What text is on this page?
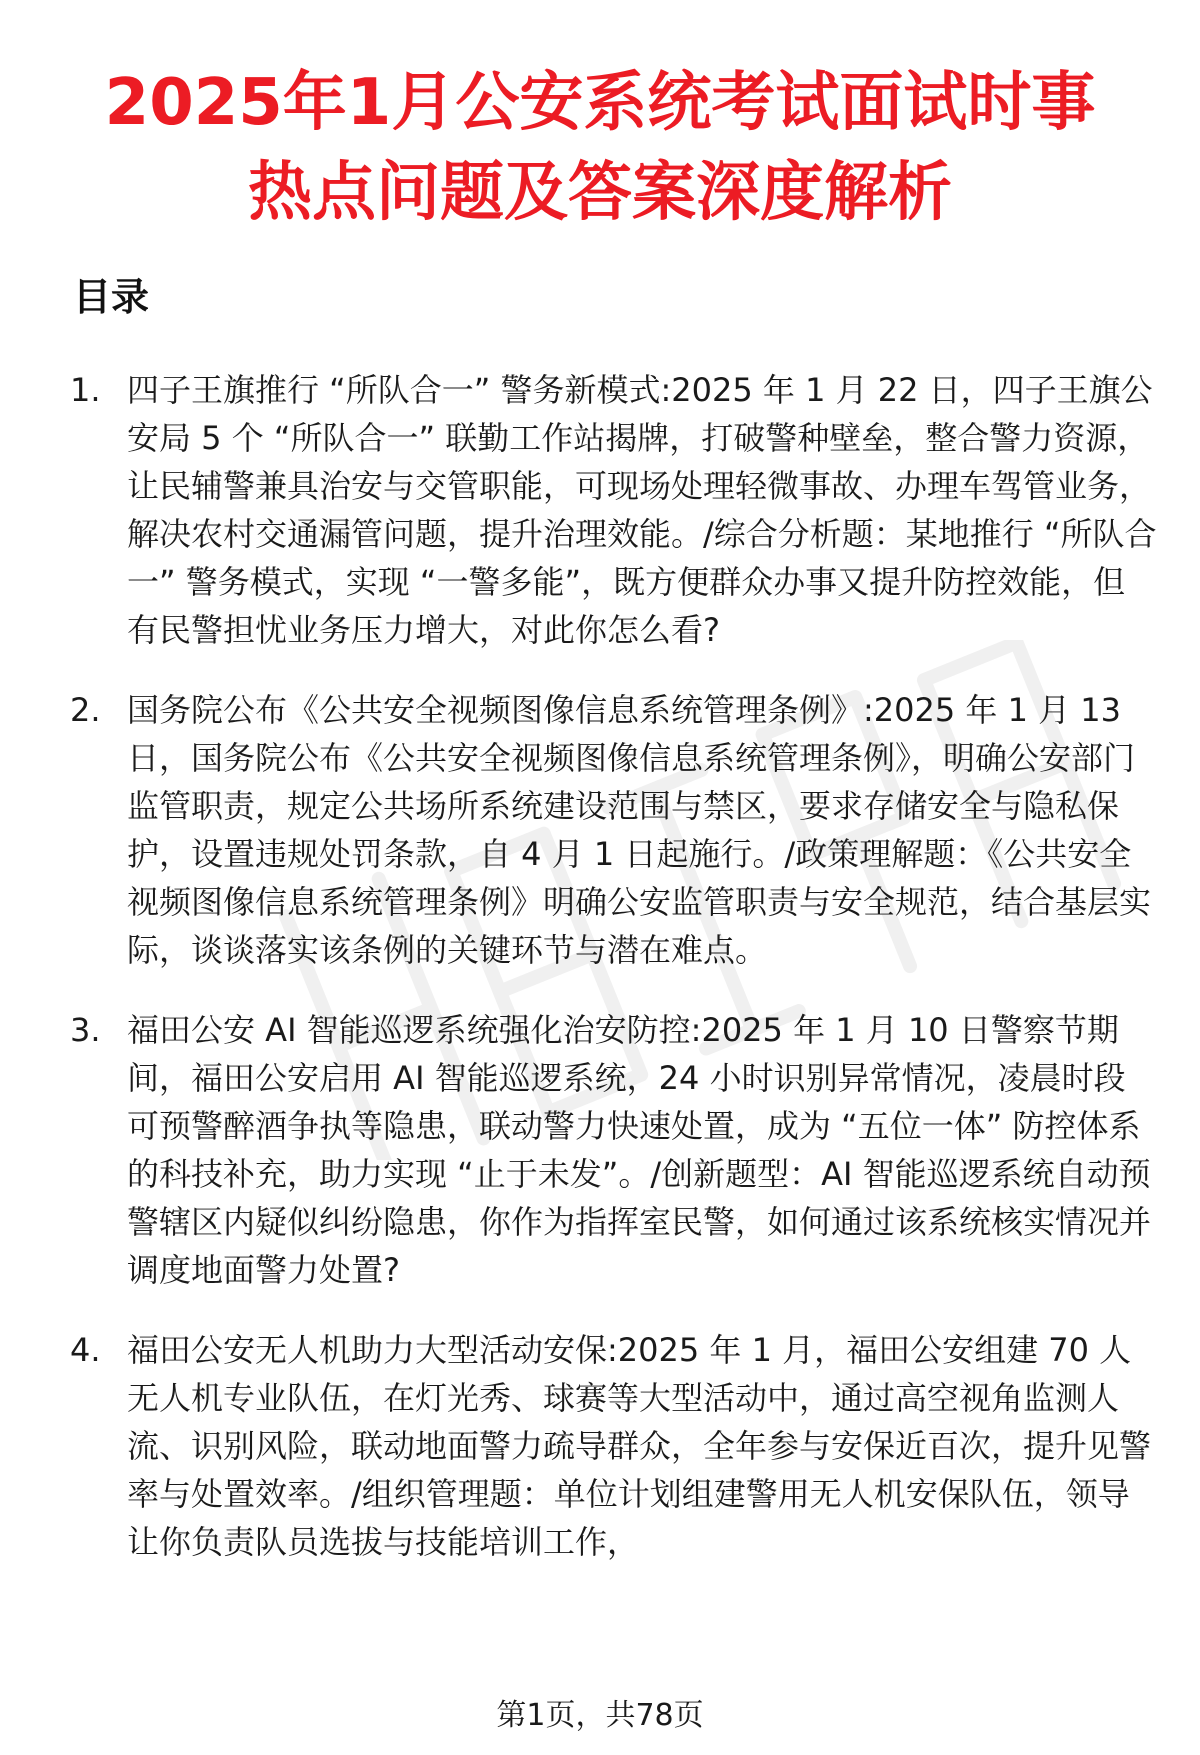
2025年1月公安系统考试面试时事
热点问题及答案深度解析
目录
1. 四子王旗推行 “所队合一” 警务新模式:2025 年 1 月 22 日，四子王旗公安局 5 个 “所队合一” 联勤工作站揭牌，打破警种壁垒，整合警力资源，让民辅警兼具治安与交管职能，可现场处理轻微事故、办理车驾管业务，解决农村交通漏管问题，提升治理效能。/综合分析题：某地推行 “所队合一” 警务模式，实现 “一警多能”，既方便群众办事又提升防控效能，但有民警担忧业务压力增大，对此你怎么看?
2. 国务院公布《公共安全视频图像信息系统管理条例》:2025 年 1 月 13 日，国务院公布《公共安全视频图像信息系统管理条例》，明确公安部门监管职责，规定公共场所系统建设范围与禁区，要求存储安全与隐私保护，设置违规处罚条款，自 4 月 1 日起施行。/政策理解题：《公共安全视频图像信息系统管理条例》明确公安监管职责与安全规范，结合基层实际，谈谈落实该条例的关键环节与潜在难点。
3. 福田公安 AI 智能巡逻系统强化治安防控:2025 年 1 月 10 日警察节期间，福田公安启用 AI 智能巡逻系统，24 小时识别异常情况，凌晨时段可预警醉酒争执等隐患，联动警力快速处置，成为 “五位一体” 防控体系的科技补充，助力实现 “止于未发”。/创新题型：AI 智能巡逻系统自动预警辖区内疑似纠纷隐患，你作为指挥室民警，如何通过该系统核实情况并调度地面警力处置?
4. 福田公安无人机助力大型活动安保:2025 年 1 月，福田公安组建 70 人无人机专业队伍，在灯光秀、球赛等大型活动中，通过高空视角监测人流、识别风险，联动地面警力疏导群众，全年参与安保近百次，提升见警率与处置效率。/组织管理题：单位计划组建警用无人机安保队伍，领导让你负责队员选拔与技能培训工作，
第1页，共78页
